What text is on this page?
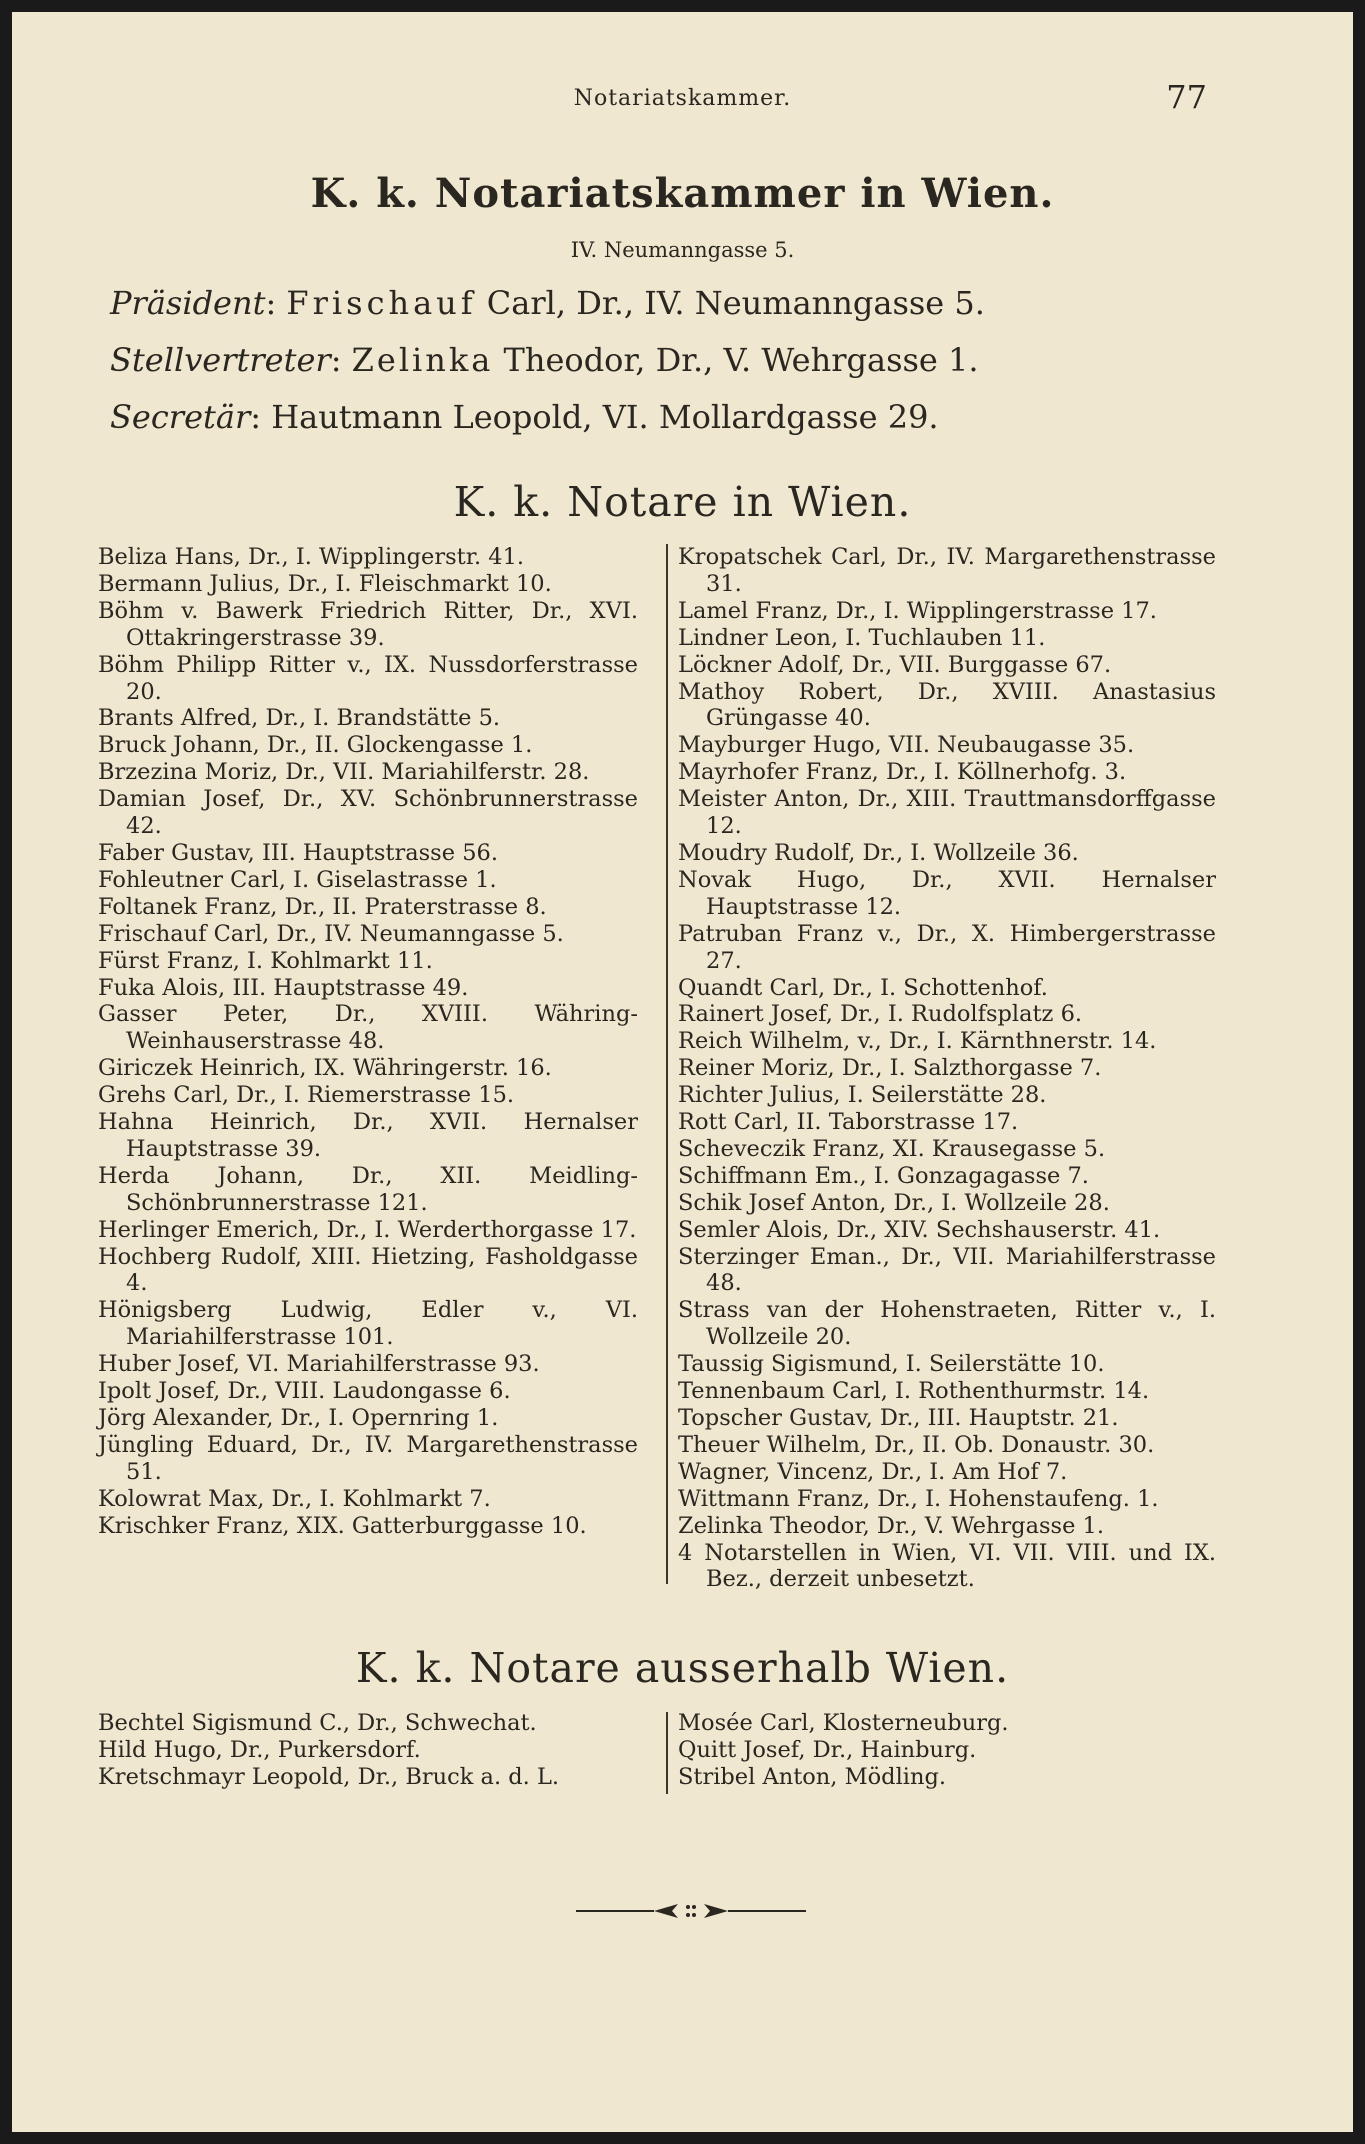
Notariatskammer.	77
K. k. Notariatskammer in Wien.
IV. Neumanngasse 5.
Präsident: Frischauf Carl, Dr., IV. Neumanngasse 5.
Stellvertreter: Zelinka Theodor, Dr., V. Wehrgasse 1.
Secretär: Hautmann Leopold, VI. Mollardgasse 29.
K. k. Notare in Wien.
Beliza Hans, Dr., I. Wipplingerstr. 41.
Bermann Julius, Dr., I. Fleischmarkt 10.
Böhm v. Bawerk Friedrich Ritter, Dr., XVI. Ottakringerstrasse 39.
Böhm Philipp Ritter v., IX. Nussdorferstrasse 20.
Brants Alfred, Dr., I. Brandstätte 5.
Bruck Johann, Dr., II. Glockengasse 1.
Brzezina Moriz, Dr., VII. Mariahilferstr. 28.
Damian Josef, Dr., XV. Schönbrunnerstrasse 42.
Faber Gustav, III. Hauptstrasse 56.
Fohleutner Carl, I. Giselastrasse 1.
Foltanek Franz, Dr., II. Praterstrasse 8.
Frischauf Carl, Dr., IV. Neumanngasse 5.
Fürst Franz, I. Kohlmarkt 11.
Fuka Alois, III. Hauptstrasse 49.
Gasser Peter, Dr., XVIII. Währing-Weinhauserstrasse 48.
Giriczek Heinrich, IX. Währingerstr. 16.
Grehs Carl, Dr., I. Riemerstrasse 15.
Hahna Heinrich, Dr., XVII. Hernalser Hauptstrasse 39.
Herda Johann, Dr., XII. Meidling-Schönbrunnerstrasse 121.
Herlinger Emerich, Dr., I. Werderthorgasse 17.
Hochberg Rudolf, XIII. Hietzing, Fasholdgasse 4.
Hönigsberg Ludwig, Edler v., VI. Mariahilferstrasse 101.
Huber Josef, VI. Mariahilferstrasse 93.
Ipolt Josef, Dr., VIII. Laudongasse 6.
Jörg Alexander, Dr., I. Opernring 1.
Jüngling Eduard, Dr., IV. Margarethenstrasse 51.
Kolowrat Max, Dr., I. Kohlmarkt 7.
Krischker Franz, XIX. Gatterburggasse 10.
Kropatschek Carl, Dr., IV. Margarethenstrasse 31.
Lamel Franz, Dr., I. Wipplingerstrasse 17.
Lindner Leon, I. Tuchlauben 11.
Löckner Adolf, Dr., VII. Burggasse 67.
Mathoy Robert, Dr., XVIII. Anastasius Grüngasse 40.
Mayburger Hugo, VII. Neubaugasse 35.
Mayrhofer Franz, Dr., I. Köllnerhofg. 3.
Meister Anton, Dr., XIII. Trauttmansdorffgasse 12.
Moudry Rudolf, Dr., I. Wollzeile 36.
Novak Hugo, Dr., XVII. Hernalser Hauptstrasse 12.
Patruban Franz v., Dr., X. Himbergerstrasse 27.
Quandt Carl, Dr., I. Schottenhof.
Rainert Josef, Dr., I. Rudolfsplatz 6.
Reich Wilhelm, v., Dr., I. Kärnthnerstr. 14.
Reiner Moriz, Dr., I. Salzthorgasse 7.
Richter Julius, I. Seilerstätte 28.
Rott Carl, II. Taborstrasse 17.
Scheveczik Franz, XI. Krausegasse 5.
Schiffmann Em., I. Gonzagagasse 7.
Schik Josef Anton, Dr., I. Wollzeile 28.
Semler Alois, Dr., XIV. Sechshauserstr. 41.
Sterzinger Eman., Dr., VII. Mariahilferstrasse 48.
Strass van der Hohenstraeten, Ritter v., I. Wollzeile 20.
Taussig Sigismund, I. Seilerstätte 10.
Tennenbaum Carl, I. Rothenthurmstr. 14.
Topscher Gustav, Dr., III. Hauptstr. 21.
Theuer Wilhelm, Dr., II. Ob. Donaustr. 30.
Wagner, Vincenz, Dr., I. Am Hof 7.
Wittmann Franz, Dr., I. Hohenstaufeng. 1.
Zelinka Theodor, Dr., V. Wehrgasse 1.
4 Notarstellen in Wien, VI. VII. VIII. und IX. Bez., derzeit unbesetzt.
K. k. Notare ausserhalb Wien.
Bechtel Sigismund C., Dr., Schwechat.
Hild Hugo, Dr., Purkersdorf.
Kretschmayr Leopold, Dr., Bruck a. d. L.
Mosée Carl, Klosterneuburg.
Quitt Josef, Dr., Hainburg.
Stribel Anton, Mödling.
